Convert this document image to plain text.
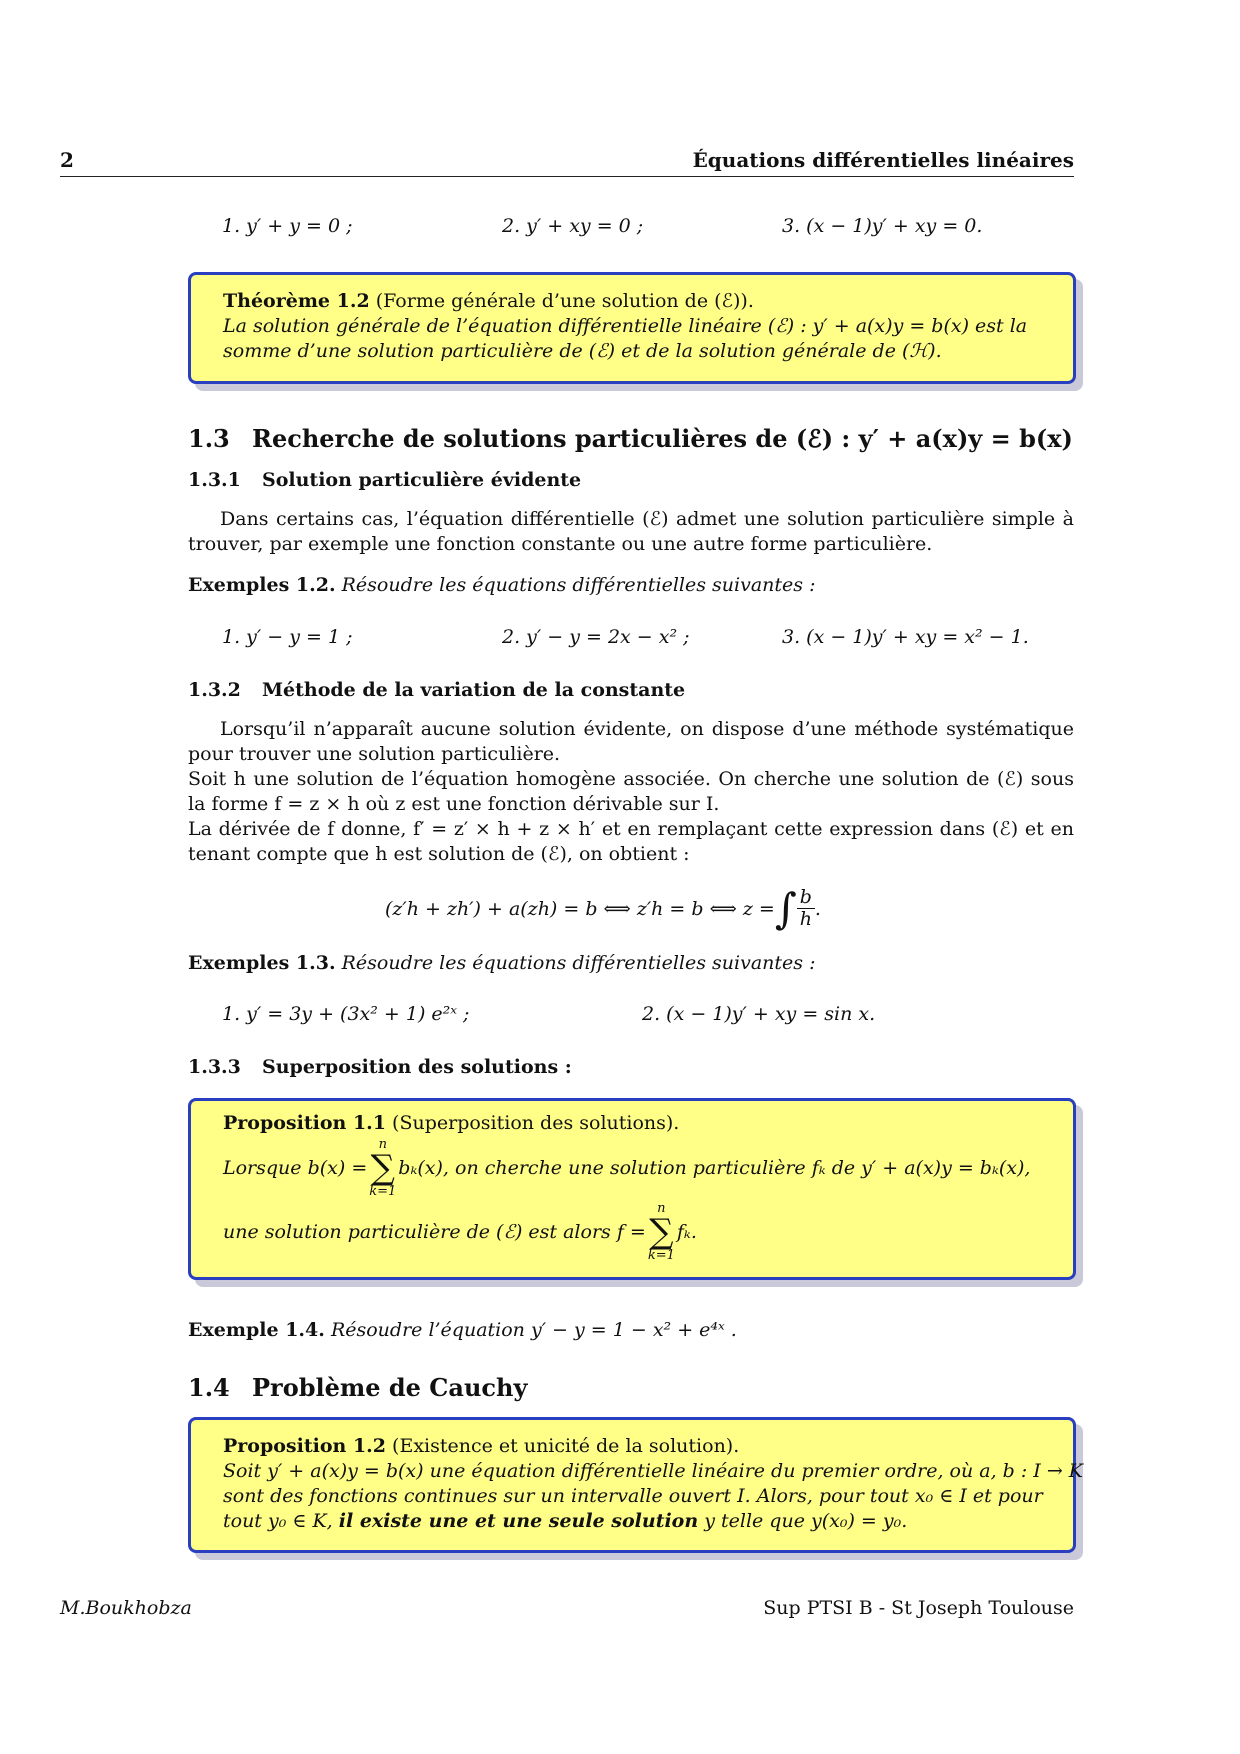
2	Équations différentielles linéaires
1. y′ + y = 0 ;	2. y′ + xy = 0 ;	3. (x − 1)y′ + xy = 0.
Théorème 1.2 (Forme générale d’une solution de (ℰ)).
La solution générale de l’équation différentielle linéaire (ℰ) : y′ + a(x)y = b(x) est la
somme d’une solution particulière de (ℰ) et de la solution générale de (ℋ).
1.3 Recherche de solutions particulières de (ℰ) : y′ + a(x)y = b(x)
1.3.1 Solution particulière évidente
Dans certains cas, l’équation différentielle (ℰ) admet une solution particulière simple à trouver, par exemple une fonction constante ou une autre forme particulière.
Exemples 1.2. Résoudre les équations différentielles suivantes :
1. y′ − y = 1 ;	2. y′ − y = 2x − x² ;	3. (x − 1)y′ + xy = x² − 1.
1.3.2 Méthode de la variation de la constante
Lorsqu’il n’apparaît aucune solution évidente, on dispose d’une méthode systématique pour trouver une solution particulière.
Soit h une solution de l’équation homogène associée. On cherche une solution de (ℰ) sous la forme f = z × h où z est une fonction dérivable sur I.
La dérivée de f donne, f′ = z′ × h + z × h′ et en remplaçant cette expression dans (ℰ) et en tenant compte que h est solution de (ℰ), on obtient :
(z′h + zh′) + a(zh) = b ⟺ z′h = b ⟺ z = ∫ $\frac{b}{h}$ .
Exemples 1.3. Résoudre les équations différentielles suivantes :
1. y′ = 3y + (3x² + 1) e²ˣ ;	2. (x − 1)y′ + xy = sin x.
1.3.3 Superposition des solutions :
Proposition 1.1 (Superposition des solutions).
Lorsque b(x) =
n
∑
k=1
bₖ(x), on cherche une solution particulière fₖ de y′ + a(x)y = bₖ(x),
une solution particulière de (ℰ) est alors f =
n
∑
k=1
fₖ.
Exemple 1.4. Résoudre l’équation y′ − y = 1 − x² + e⁴ˣ .
1.4 Problème de Cauchy
Proposition 1.2 (Existence et unicité de la solution).
Soit y′ + a(x)y = b(x) une équation différentielle linéaire du premier ordre, où a, b : I → K
sont des fonctions continues sur un intervalle ouvert I. Alors, pour tout x₀ ∈ I et pour
tout y₀ ∈ K, il existe une et une seule solution y telle que y(x₀) = y₀.
M.Boukhobza	Sup PTSI B - St Joseph Toulouse
